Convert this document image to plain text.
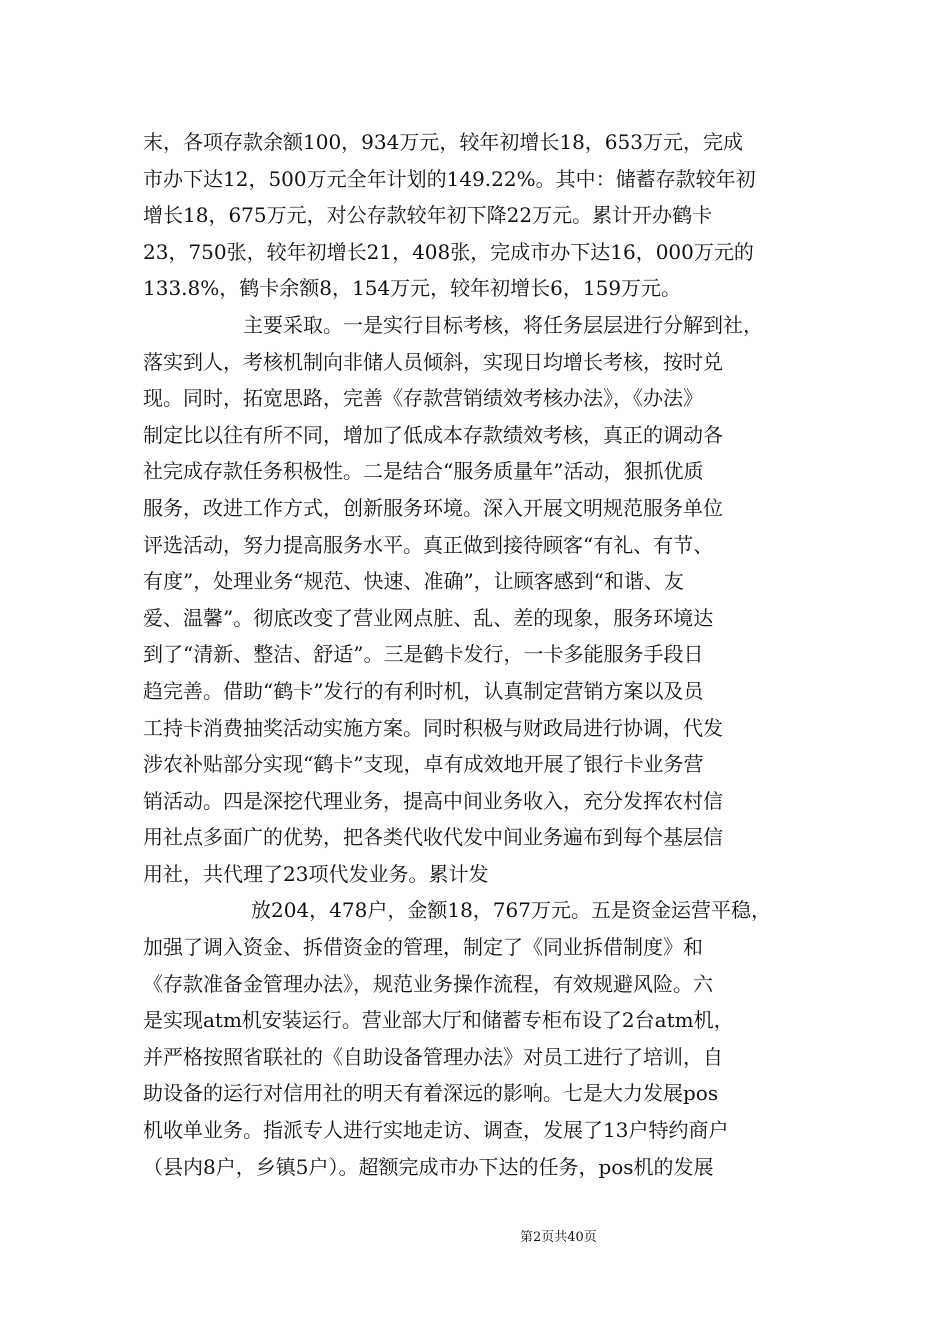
末，各项存款余额100，934万元，较年初增长18，653万元，完成
市办下达12，500万元全年计划的149.22%。其中：储蓄存款较年初
增长18，675万元，对公存款较年初下降22万元。累计开办鹤卡
23，750张，较年初增长21，408张，完成市办下达16，000万元的
133.8%，鹤卡余额8，154万元，较年初增长6，159万元。
主要采取。一是实行目标考核，将任务层层进行分解到社，
落实到人，考核机制向非储人员倾斜，实现日均增长考核，按时兑
现。同时，拓宽思路，完善《存款营销绩效考核办法》，《办法》
制定比以往有所不同，增加了低成本存款绩效考核，真正的调动各
社完成存款任务积极性。二是结合“服务质量年”活动，狠抓优质
服务，改进工作方式，创新服务环境。深入开展文明规范服务单位
评选活动，努力提高服务水平。真正做到接待顾客“有礼、有节、
有度”，处理业务“规范、快速、准确”，让顾客感到“和谐、友
爱、温馨”。彻底改变了营业网点脏、乱、差的现象，服务环境达
到了“清新、整洁、舒适”。三是鹤卡发行，一卡多能服务手段日
趋完善。借助“鹤卡”发行的有利时机，认真制定营销方案以及员
工持卡消费抽奖活动实施方案。同时积极与财政局进行协调，代发
涉农补贴部分实现“鹤卡”支现，卓有成效地开展了银行卡业务营
销活动。四是深挖代理业务，提高中间业务收入，充分发挥农村信
用社点多面广的优势，把各类代收代发中间业务遍布到每个基层信
用社，共代理了23项代发业务。累计发
放204，478户，金额18，767万元。五是资金运营平稳，
加强了调入资金、拆借资金的管理，制定了《同业拆借制度》和
《存款准备金管理办法》，规范业务操作流程，有效规避风险。六
是实现atm机安装运行。营业部大厅和储蓄专柜布设了2台atm机，
并严格按照省联社的《自助设备管理办法》对员工进行了培训，自
助设备的运行对信用社的明天有着深远的影响。七是大力发展pos
机收单业务。指派专人进行实地走访、调查，发展了13户特约商户
（县内8户，乡镇5户）。超额完成市办下达的任务，pos机的发展
第2页共40页
